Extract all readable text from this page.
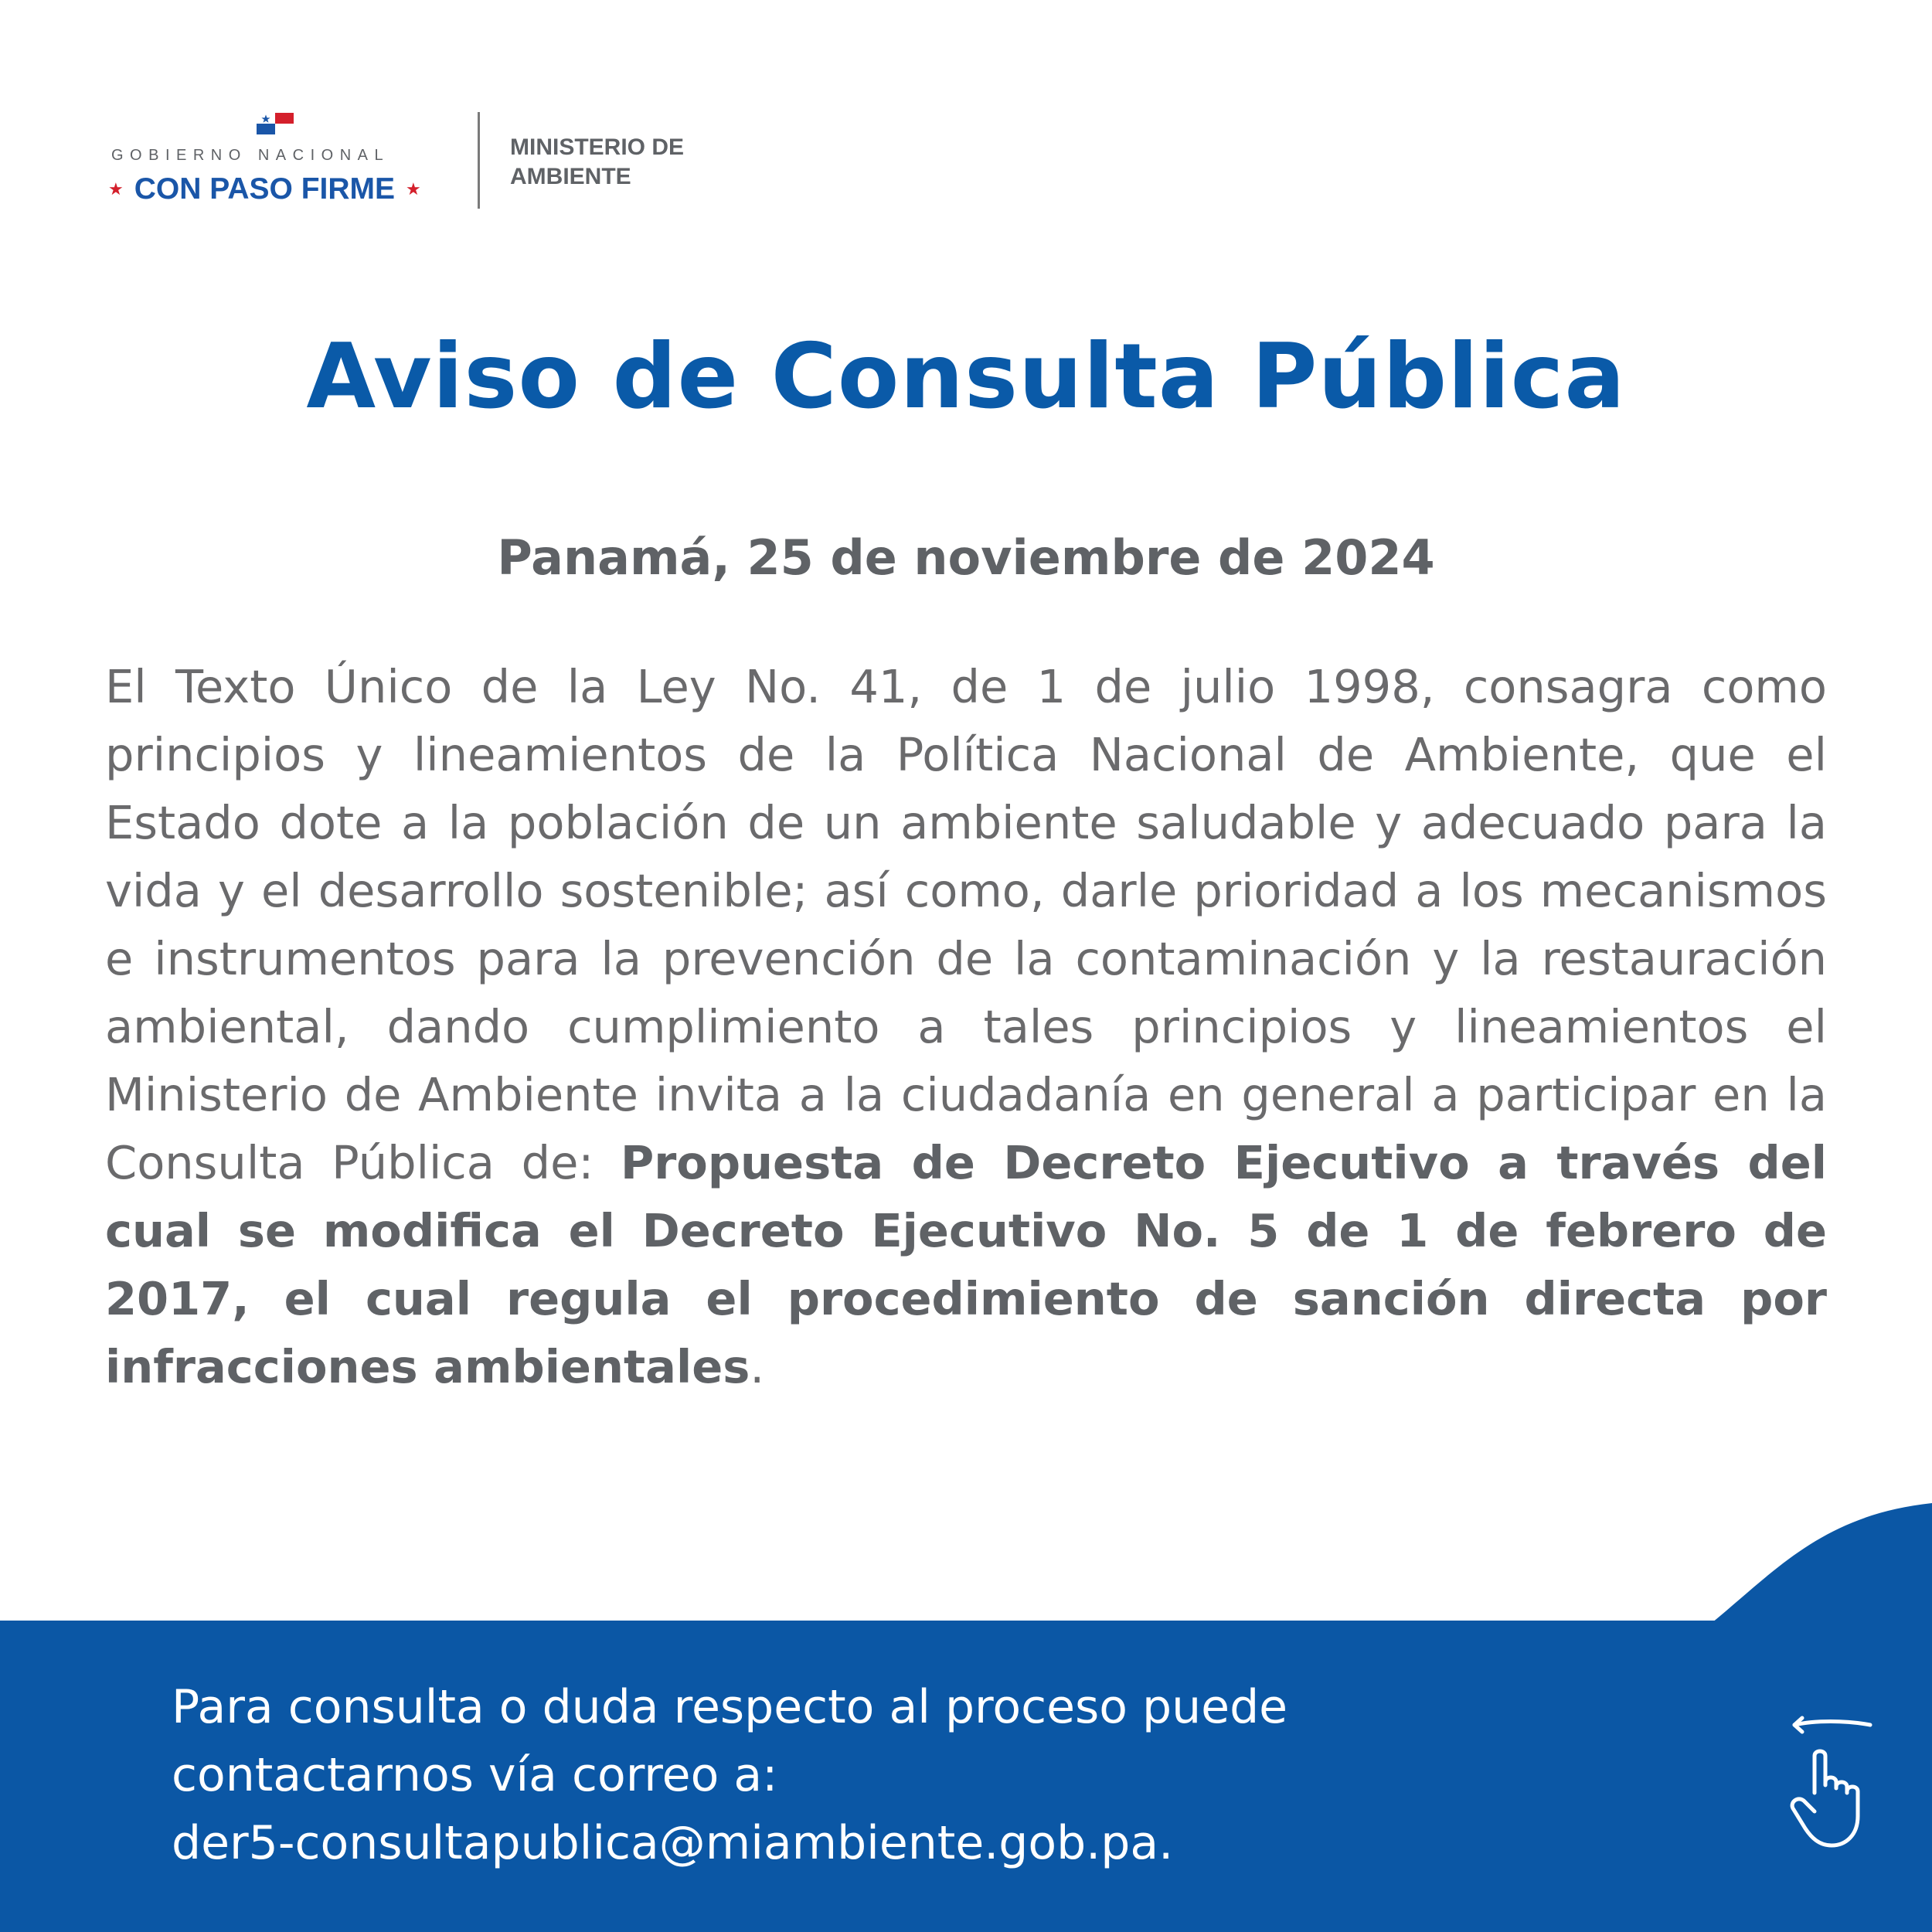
GOBIERNO NACIONAL
★ CON PASO FIRME ★
MINISTERIO DE
AMBIENTE
Aviso de Consulta Pública
Panamá, 25 de noviembre de 2024

El Texto Único de la Ley No. 41, de 1 de julio 1998, consagra como principios y lineamientos de la Política Nacional de Ambiente, que el Estado dote a la población de un ambiente saludable y adecuado para la vida y el desarrollo sostenible; así como, darle prioridad a los mecanismos e instrumentos para la prevención de la contaminación y la restauración ambiental, dando cumplimiento a tales principios y lineamientos el Ministerio de Ambiente invita a la ciudadanía en general a participar en la Consulta Pública de: Propuesta de Decreto Ejecutivo a través del cual se modifica el Decreto Ejecutivo No. 5 de 1 de febrero de 2017, el cual regula el procedimiento de sanción directa por infracciones ambientales.

Para consulta o duda respecto al proceso puede
contactarnos vía correo a:
der5-consultapublica@miambiente.gob.pa.
